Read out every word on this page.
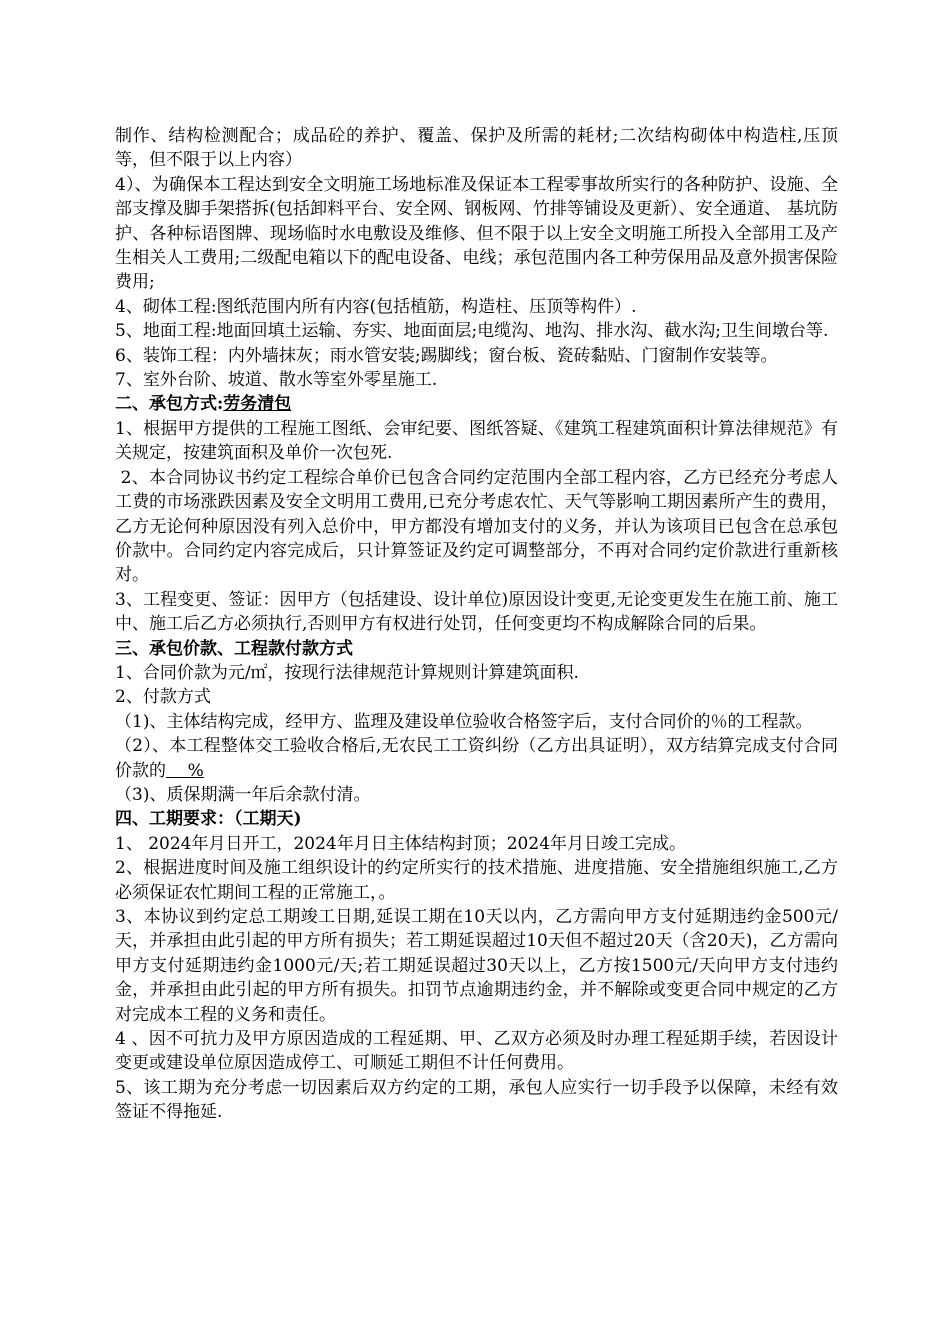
制作、结构检测配合；成品砼的养护、覆盖、保护及所需的耗材;二次结构砌体中构造柱,压顶等，但不限于以上内容）

4）、为确保本工程达到安全文明施工场地标准及保证本工程零事故所实行的各种防护、设施、全部支撑及脚手架搭拆(包括卸料平台、安全网、钢板网、竹排等铺设及更新）、安全通道、 基坑防护、各种标语图牌、现场临时水电敷设及维修、但不限于以上安全文明施工所投入全部用工及产生相关人工费用;二级配电箱以下的配电设备、电线；承包范围内各工种劳保用品及意外损害保险费用;

4、砌体工程:图纸范围内所有内容(包括植筋，构造柱、压顶等构件）.

5、地面工程:地面回填土运输、夯实、地面面层;电缆沟、地沟、排水沟、截水沟;卫生间墩台等.

6、装饰工程：内外墙抹灰；雨水管安装;踢脚线；窗台板、瓷砖黏贴、门窗制作安装等。

7、室外台阶、坡道、散水等室外零星施工.

二、承包方式:劳务清包

1、根据甲方提供的工程施工图纸、会审纪要、图纸答疑、《建筑工程建筑面积计算法律规范》有关规定，按建筑面积及单价一次包死.

2、本合同协议书约定工程综合单价已包含合同约定范围内全部工程内容，乙方已经充分考虑人工费的市场涨跌因素及安全文明用工费用,已充分考虑农忙、天气等影响工期因素所产生的费用，乙方无论何种原因没有列入总价中，甲方都没有增加支付的义务，并认为该项目已包含在总承包价款中。合同约定内容完成后，只计算签证及约定可调整部分，不再对合同约定价款进行重新核对。

3、工程变更、签证：因甲方（包括建设、设计单位)原因设计变更,无论变更发生在施工前、施工中、施工后乙方必须执行,否则甲方有权进行处罚，任何变更均不构成解除合同的后果。

三、承包价款、工程款付款方式

1、合同价款为元/㎡，按现行法律规范计算规则计算建筑面积.

2、付款方式

（1)、主体结构完成，经甲方、监理及建设单位验收合格签字后，支付合同价的％的工程款。

（2）、本工程整体交工验收合格后,无农民工工资纠纷（乙方出具证明），双方结算完成支付合同价款的    %

（3)、质保期满一年后余款付清。

四、工期要求：（工期天)

1、 2024年月日开工，2024年月日主体结构封顶；2024年月日竣工完成。

2、根据进度时间及施工组织设计的约定所实行的技术措施、进度措施、安全措施组织施工,乙方必须保证农忙期间工程的正常施工，。

3、本协议到约定总工期竣工日期,延误工期在10天以内，乙方需向甲方支付延期违约金500元/天，并承担由此引起的甲方所有损失；若工期延误超过10天但不超过20天（含20天)，乙方需向甲方支付延期违约金1000元/天;若工期延误超过30天以上，乙方按1500元/天向甲方支付违约金，并承担由此引起的甲方所有损失。扣罚节点逾期违约金，并不解除或变更合同中规定的乙方对完成本工程的义务和责任。

4 、因不可抗力及甲方原因造成的工程延期、甲、乙双方必须及时办理工程延期手续，若因设计变更或建设单位原因造成停工、可顺延工期但不计任何费用。

5、该工期为充分考虑一切因素后双方约定的工期，承包人应实行一切手段予以保障，未经有效签证不得拖延.
